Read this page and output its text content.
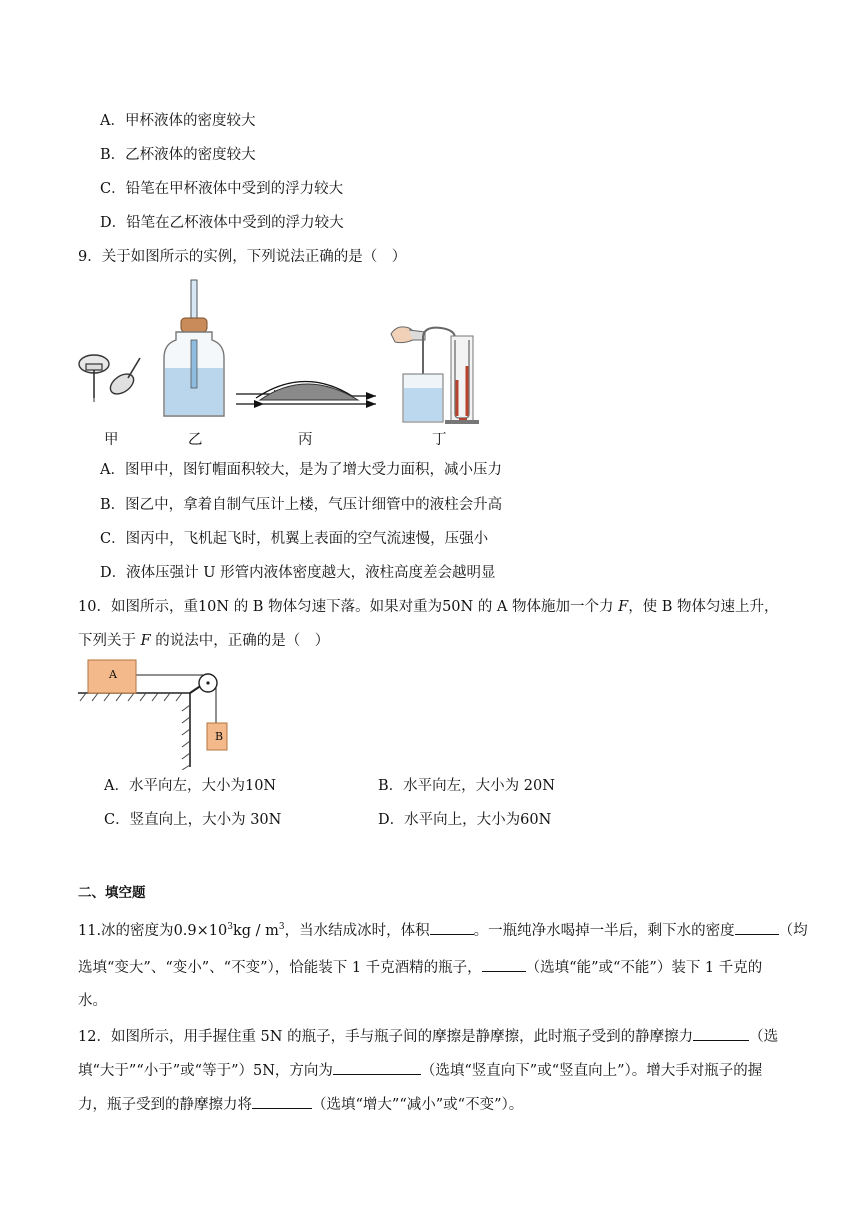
A．甲杯液体的密度较大
B．乙杯液体的密度较大
C．铅笔在甲杯液体中受到的浮力较大
D．铅笔在乙杯液体中受到的浮力较大
9．关于如图所示的实例，下列说法正确的是（　）
甲	乙	丙	丁
A．图甲中，图钉帽面积较大，是为了增大受力面积，减小压力
B．图乙中，拿着自制气压计上楼，气压计细管中的液柱会升高
C．图丙中，飞机起飞时，机翼上表面的空气流速慢，压强小
D．液体压强计 U 形管内液体密度越大，液柱高度差会越明显
10．如图所示，重10N 的 B 物体匀速下落。如果对重为50N 的 A 物体施加一个力 F，使 B 物体匀速上升，
下列关于 F 的说法中，正确的是（　）
A
B
A．水平向左，大小为10N	B．水平向左，大小为 20N
C．竖直向上，大小为 30N	D．水平向上，大小为60N
二、填空题
11.冰的密度为$0.9\times 10^3kg / m^3$，当水结成冰时，体积	。一瓶纯净水喝掉一半后，剩下水的密度	（均
选填“变大”、“变小”、“不变”），恰能装下 1 千克酒精的瓶子，	（选填“能”或“不能”）装下 1 千克的
水。
12．如图所示，用手握住重 5N 的瓶子，手与瓶子间的摩擦是静摩擦，此时瓶子受到的静摩擦力	（选
填“大于”“小于”或“等于”）5N，方向为	（选填“竖直向下”或“竖直向上”）。增大手对瓶子的握
力，瓶子受到的静摩擦力将	（选填“增大”“减小”或“不变”）。
